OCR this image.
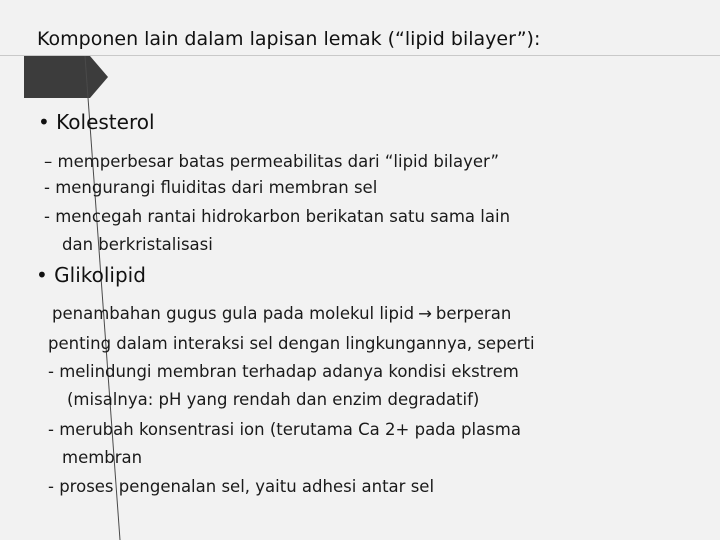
Komponen lain dalam lapisan lemak (“lipid bilayer”):
• Kolesterol
– memperbesar batas permeabilitas dari “lipid bilayer”
- mengurangi fluiditas dari membran sel
- mencegah rantai hidrokarbon berikatan satu sama lain
dan berkristalisasi
• Glikolipid
penambahan gugus gula pada molekul lipid → berperan
penting dalam interaksi sel dengan lingkungannya, seperti
- melindungi membran terhadap adanya kondisi ekstrem
(misalnya: pH yang rendah dan enzim degradatif)
- merubah konsentrasi ion (terutama Ca 2+ pada plasma
membran
- proses pengenalan sel, yaitu adhesi antar sel
